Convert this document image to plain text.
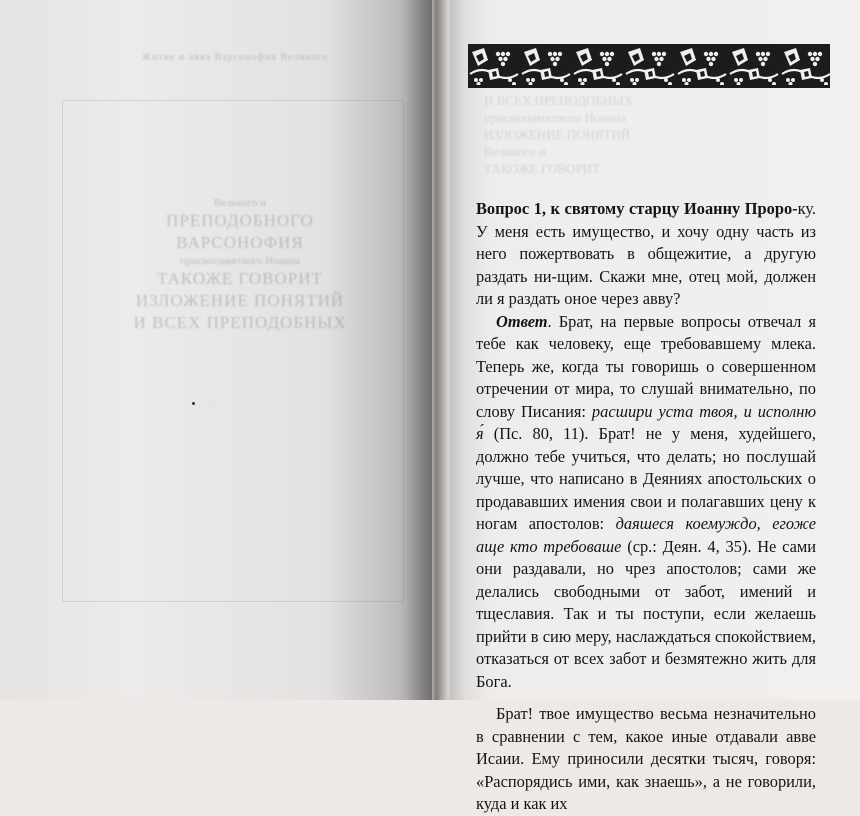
Житие и авва Варсонофия Великого
Великого и
ПРЕПОДОБНОГО
ВАРСОНОФИЯ
приснопамятного Иоанна
ТАКОЖЕ ГОВОРИТ
ИЗЛОЖЕНИЕ ПОНЯТИЙ
И ВСЕХ ПРЕПОДОБНЫХ
· · ·
И ВСЕХ ПРЕПОДОБНЫХ
приснопамятного Иоанна
ИЗЛОЖЕНИЕ ПОНЯТИЙ
Великого и
ТАКОЖЕ ГОВОРИТ

Вопрос 1, к святому старцу Иоанну Проро-ку. У меня есть имущество, и хочу одну часть из него пожертвовать в общежитие, а другую раздать ни-щим. Скажи мне, отец мой, должен ли я раздать оное через авву?

Ответ. Брат, на первые вопросы отвечал я тебе как человеку, еще требовавшему млека. Теперь же, когда ты говоришь о совершенном отречении от мира, то слушай внимательно, по слову Писания: расшири уста твоя, и исполню я́ (Пс. 80, 11). Брат! не у меня, худейшего, должно тебе учиться, что делать; но послушай лучше, что написано в Деяниях апостольских о продававших имения свои и полагавших цену к ногам апостолов: даяшеся коемуждо, егоже аще кто требоваше (ср.: Деян. 4, 35). Не сами они раздавали, но чрез апостолов; сами же делались свободными от забот, имений и тщеславия. Так и ты поступи, если желаешь прийти в сию меру, наслаждаться спокойствием, отказаться от всех забот и безмятежно жить для Бога.

Брат! твое имущество весьма незначительно в сравнении с тем, какое иные отдавали авве Исаии. Ему приносили десятки тысяч, говоря: «Распорядись ими, как знаешь», а не говорили, куда и как их
